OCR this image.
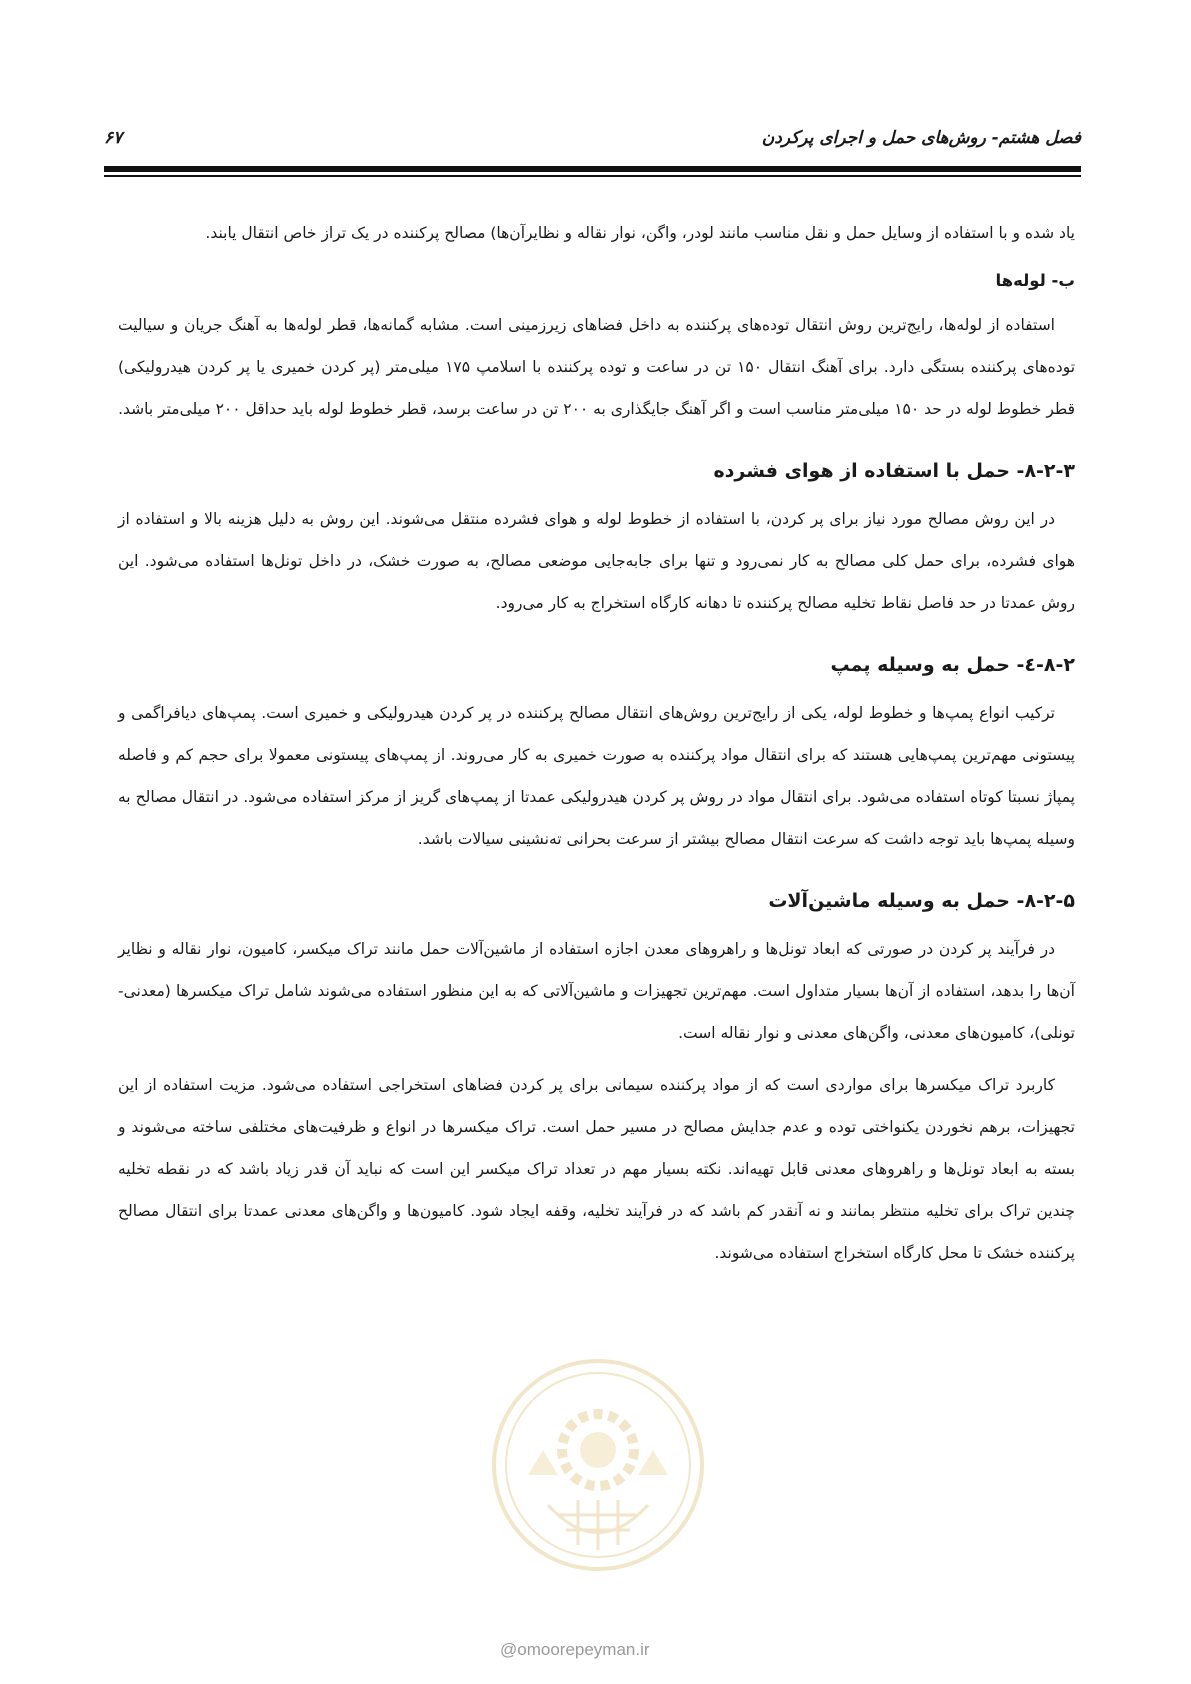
فصل هشتم- روش‌های حمل و اجرای پرکردن
۶۷

یاد شده و با استفاده از وسایل حمل و نقل مناسب مانند لودر، واگن، نوار نقاله و نظایرآن‌ها) مصالح پرکننده در یک تراز خاص انتقال یابند.

ب- لوله‌ها

استفاده از لوله‌ها، رایج‌ترین روش انتقال توده‌های پرکننده به داخل فضاهای زیرزمینی است. مشابه گمانه‌ها، قطر لوله‌ها به آهنگ جریان و سیالیت توده‌های پرکننده بستگی دارد. برای آهنگ انتقال ۱۵۰ تن در ساعت و توده پرکننده با اسلامپ ۱۷۵ میلی‌متر (پر کردن خمیری یا پر کردن هیدرولیکی) قطر خطوط لوله در حد ۱۵۰ میلی‌متر مناسب است و اگر آهنگ جایگذاری به ۲۰۰ تن در ساعت برسد، قطر خطوط لوله باید حداقل ۲۰۰ میلی‌متر باشد.

۸-۲-۳- حمل با استفاده از هوای فشرده

در این روش مصالح مورد نیاز برای پر کردن، با استفاده از خطوط لوله و هوای فشرده منتقل می‌شوند. این روش به دلیل هزینه بالا و استفاده از هوای فشرده، برای حمل کلی مصالح به کار نمی‌رود و تنها برای جابه‌جایی موضعی مصالح، به صورت خشک، در داخل تونل‌ها استفاده می‌شود. این روش عمدتا در حد فاصل نقاط تخلیه مصالح پرکننده تا دهانه کارگاه استخراج به کار می‌رود.

۸-۲-٤- حمل به وسیله پمپ

ترکیب انواع پمپ‌ها و خطوط لوله، یکی از رایج‌ترین روش‌های انتقال مصالح پرکننده در پر کردن هیدرولیکی و خمیری است. پمپ‌های دیافراگمی و پیستونی مهم‌ترین پمپ‌هایی هستند که برای انتقال مواد پرکننده به صورت خمیری به کار می‌روند. از پمپ‌های پیستونی معمولا برای حجم کم و فاصله پمپاژ نسبتا کوتاه استفاده می‌شود. برای انتقال مواد در روش پر کردن هیدرولیکی عمدتا از پمپ‌های گریز از مرکز استفاده می‌شود. در انتقال مصالح به وسیله پمپ‌ها باید توجه داشت که سرعت انتقال مصالح بیشتر از سرعت بحرانی ته‌نشینی سیالات باشد.

۸-۲-۵- حمل به وسیله ماشین‌آلات

در فرآیند پر کردن در صورتی که ابعاد تونل‌ها و راهروهای معدن اجازه استفاده از ماشین‌آلات حمل مانند تراک میکسر، کامیون، نوار نقاله و نظایر آن‌ها را بدهد، استفاده از آن‌ها بسیار متداول است. مهم‌ترین تجهیزات و ماشین‌آلاتی که به این منظور استفاده می‌شوند شامل تراک میکسرها (معدنی- تونلی)، کامیون‌های معدنی، واگن‌های معدنی و نوار نقاله است.

کاربرد تراک میکسرها برای مواردی است که از مواد پرکننده سیمانی برای پر کردن فضاهای استخراجی استفاده می‌شود. مزیت استفاده از این تجهیزات، برهم نخوردن یکنواختی توده و عدم جدایش مصالح در مسیر حمل است. تراک میکسرها در انواع و ظرفیت‌های مختلفی ساخته می‌شوند و بسته به ابعاد تونل‌ها و راهروهای معدنی قابل تهیه‌اند. نکته بسیار مهم در تعداد تراک میکسر این است که نباید آن قدر زیاد باشد که در نقطه تخلیه چندین تراک برای تخلیه منتظر بمانند و نه آنقدر کم باشد که در فرآیند تخلیه، وقفه ایجاد شود. کامیون‌ها و واگن‌های معدنی عمدتا برای انتقال مصالح پرکننده خشک تا محل کارگاه استخراج استفاده می‌شوند.

@omoorepeyman.ir
